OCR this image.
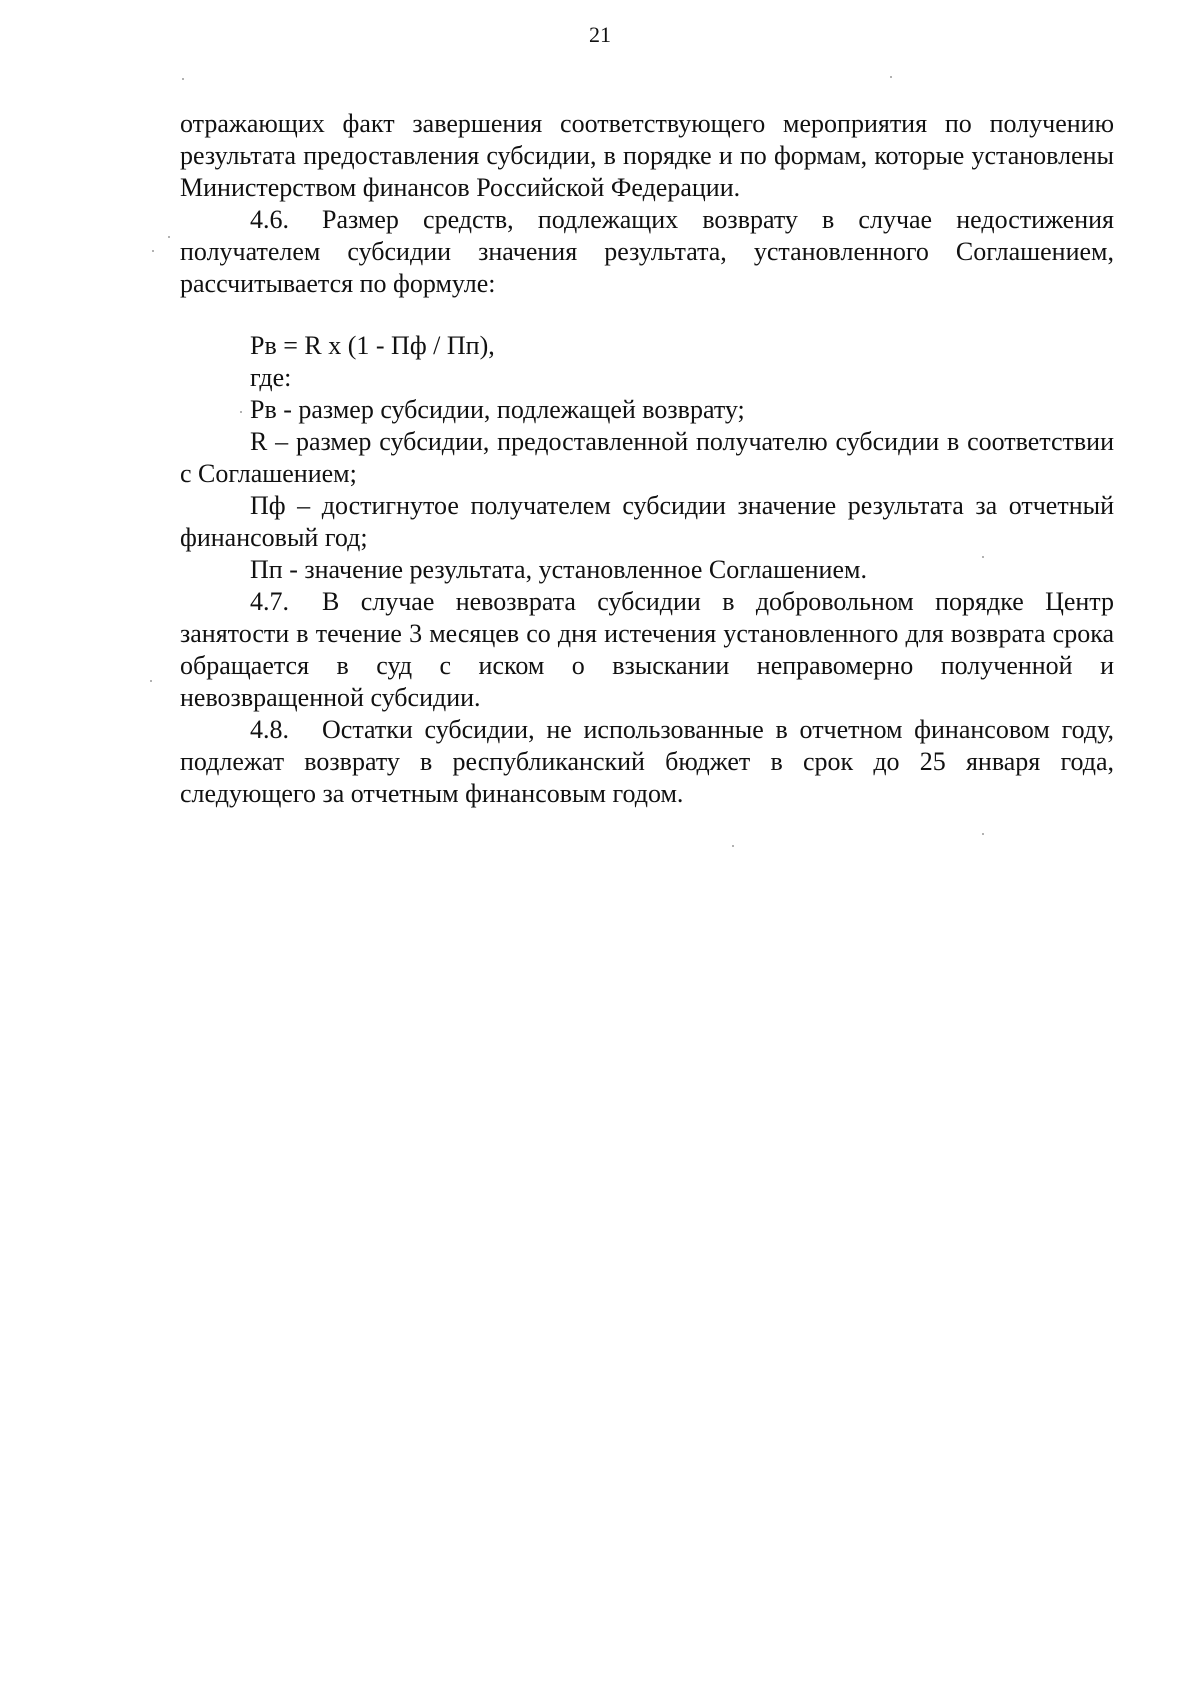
21

отражающих факт завершения соответствующего мероприятия по получению результата предоставления субсидии, в порядке и по формам, которые установлены Министерством финансов Российской Федерации.

4.6. Размер средств, подлежащих возврату в случае недостижения получателем субсидии значения результата, установленного Соглашением, рассчитывается по формуле:

Рв = R х (1 - Пф / Пп),

где:

Рв - размер субсидии, подлежащей возврату;

R – размер субсидии, предоставленной получателю субсидии в соответствии с Соглашением;

Пф – достигнутое получателем субсидии значение результата за отчетный финансовый год;

Пп - значение результата, установленное Соглашением.

4.7. В случае невозврата субсидии в добровольном порядке Центр занятости в течение 3 месяцев со дня истечения установленного для возврата срока обращается в суд с иском о взыскании неправомерно полученной и невозвращенной субсидии.

4.8. Остатки субсидии, не использованные в отчетном финансовом году, подлежат возврату в республиканский бюджет в срок до 25 января года, следующего за отчетным финансовым годом.
